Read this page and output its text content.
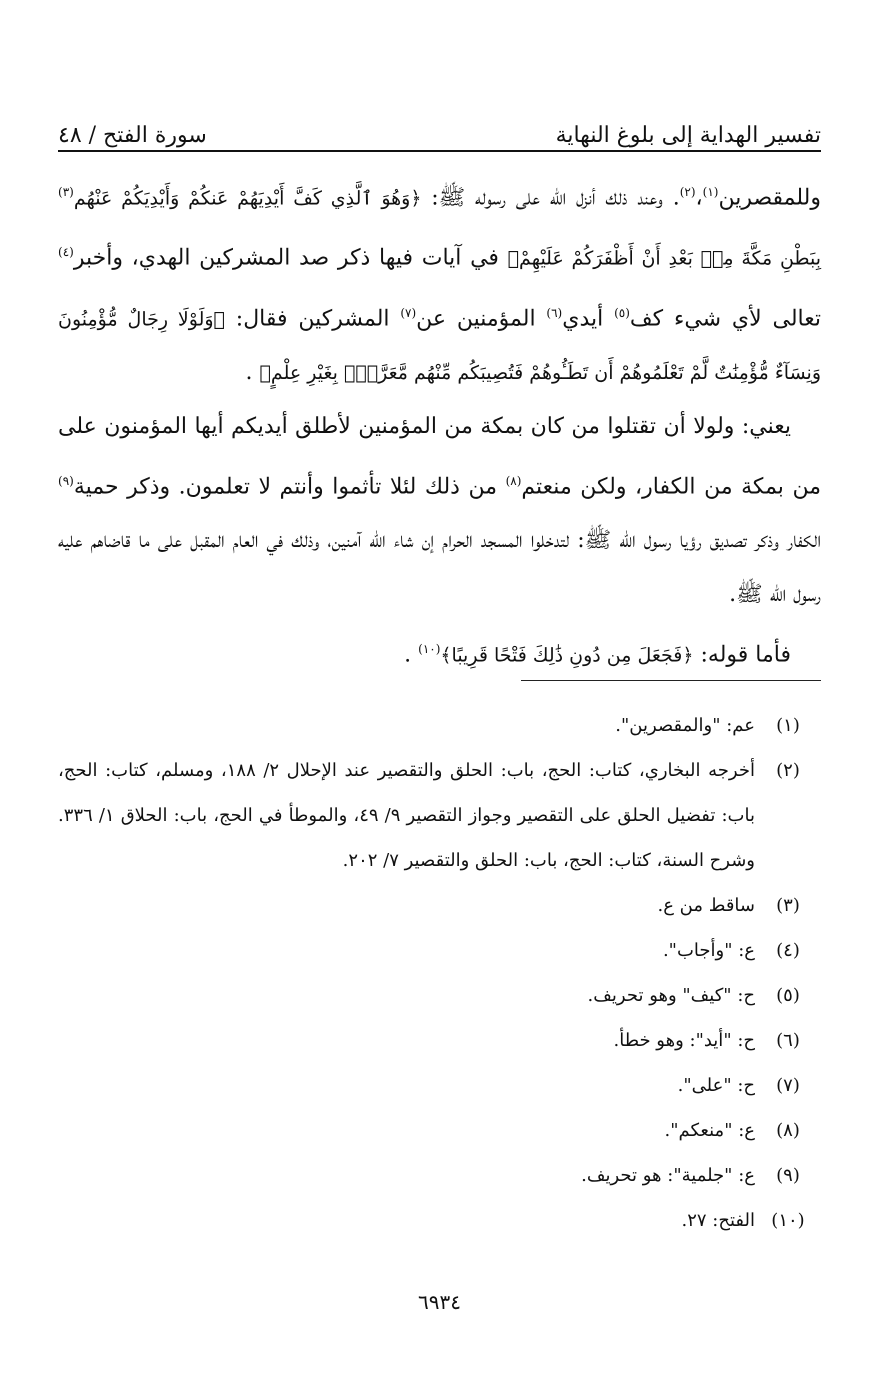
تفسير الهداية إلى بلوغ النهاية
سورة الفتح / ٤٨

وللمقصرين$^{(١)}$،$^{(٢)}$. وعند ذلك أنزل الله على رسوله ﷺ: ﴿وَهُوَ ٱلَّذِي كَفَّ أَيْدِيَهُمْ عَنكُمْ وَأَيْدِيَكُمْ عَنْهُم$^{(٣)}$ بِبَطْنِ مَكَّةَ مِنۢ بَعْدِ أَنْ أَظْفَرَكُمْ عَلَيْهِمْ﴾ في آيات فيها ذكر صد المشركين الهدي، وأخبر$^{(٤)}$ تعالى لأي شيء كف$^{(٥)}$ أيدي$^{(٦)}$ المؤمنين عن$^{(٧)}$ المشركين فقال: ﴿وَلَوْلَا رِجَالٌ مُّؤْمِنُونَ وَنِسَآءٌ مُّؤْمِنَٰتٌ لَّمْ تَعْلَمُوهُمْ أَن تَطَـُٔوهُمْ فَتُصِيبَكُم مِّنْهُم مَّعَرَّةٌۢ بِغَيْرِ عِلْمٍ﴾ .

يعني: ولولا أن تقتلوا من كان بمكة من المؤمنين لأطلق أيديكم أيها المؤمنون على من بمكة من الكفار، ولكن منعتم$^{(٨)}$ من ذلك لئلا تأثموا وأنتم لا تعلمون. وذكر حمية$^{(٩)}$ الكفار وذكر تصديق رؤيا رسول الله ﷺ: لتدخلوا المسجد الحرام إن شاء الله آمنين، وذلك في العام المقبل على ما قاضاهم عليه رسول الله ﷺ.

فأما قوله: ﴿فَجَعَلَ مِن دُونِ ذَٰلِكَ فَتْحًا قَرِيبًا﴾$^{(١٠)}$ .

(١)
عم: "والمقصرين".
(٢)
أخرجه البخاري، كتاب: الحج، باب: الحلق والتقصير عند الإحلال ٢/ ١٨٨، ومسلم، كتاب: الحج، باب: تفضيل الحلق على التقصير وجواز التقصير ٩/ ٤٩، والموطأ في الحج، باب: الحلاق ١/ ٣٣٦. وشرح السنة، كتاب: الحج، باب: الحلق والتقصير ٧/ ٢٠٢.
(٣)
ساقط من ع.
(٤)
ع: "وأجاب".
(٥)
ح: "كيف" وهو تحريف.
(٦)
ح: "أيد": وهو خطأ.
(٧)
ح: "على".
(٨)
ع: "منعكم".
(٩)
ع: "جلمية": هو تحريف.
(١٠)
الفتح: ٢٧.
٦٩٣٤
